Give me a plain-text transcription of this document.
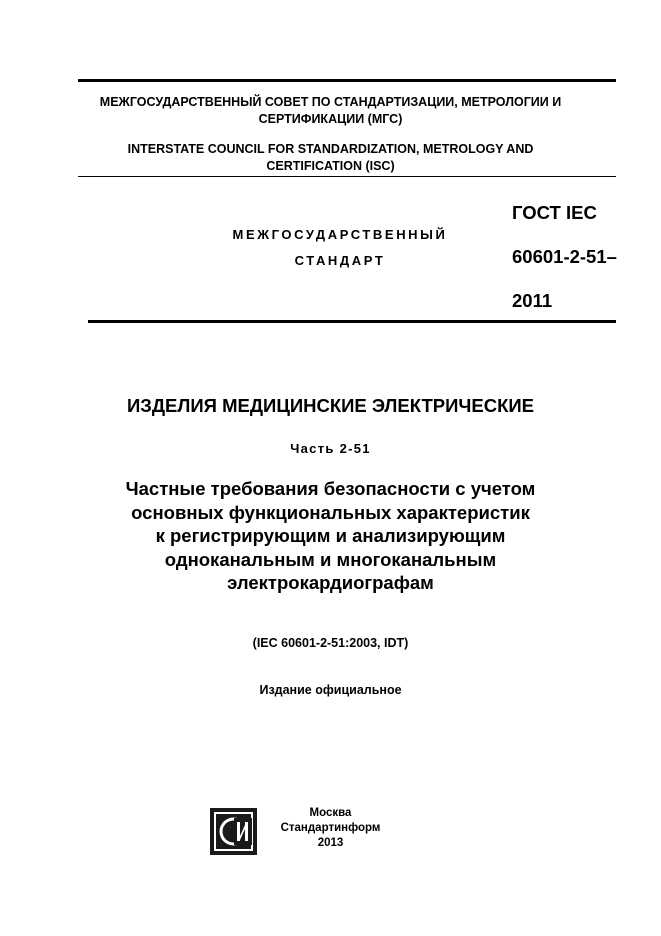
МЕЖГОСУДАРСТВЕННЫЙ СОВЕТ ПО СТАНДАРТИЗАЦИИ, МЕТРОЛОГИИ И
СЕРТИФИКАЦИИ (МГС)
INTERSTATE COUNCIL FOR STANDARDIZATION, METROLOGY AND
CERTIFICATION (ISC)
МЕЖГОСУДАРСТВЕННЫЙ
СТАНДАРТ
ГОСТ IEC
60601-2-51–
2011
ИЗДЕЛИЯ МЕДИЦИНСКИЕ ЭЛЕКТРИЧЕСКИЕ
Часть 2-51
Частные требования безопасности с учетом
основных функциональных характеристик
к регистрирующим и анализирующим
одноканальным и многоканальным
электрокардиографам
(IEC 60601-2-51:2003, IDT)
Издание официальное
Москва
Стандартинформ
2013
